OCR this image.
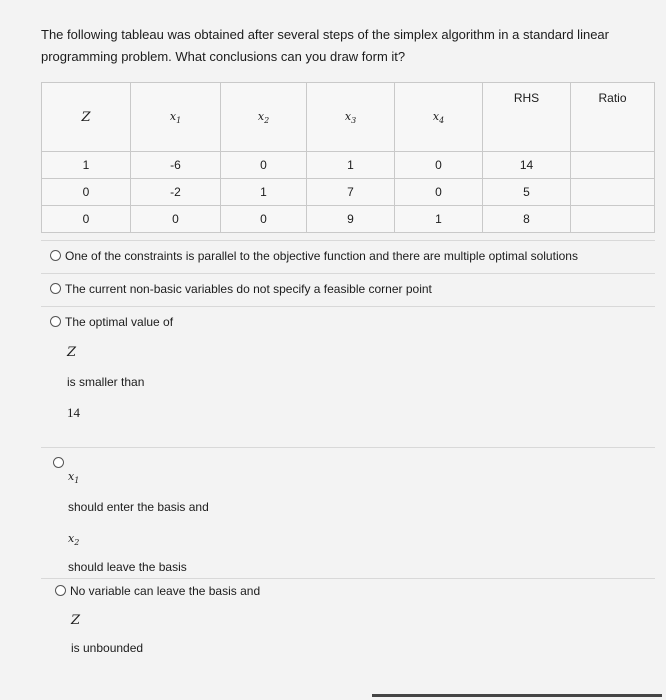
The following tableau was obtained after several steps of the simplex algorithm in a standard linear
programming problem. What conclusions can you draw form it?
Z	$x_1$	$x_2$	$x_3$	$x_4$	RHS	Ratio
1	-6	0	1	0	14	
0	-2	1	7	0	5	
0	0	0	9	1	8	
One of the constraints is parallel to the objective function and there are multiple optimal solutions
The current non-basic variables do not specify a feasible corner point
The optimal value of
Z
is smaller than
14
$x_1$
should enter the basis and
$x_2$
should leave the basis
No variable can leave the basis and
Z
is unbounded
